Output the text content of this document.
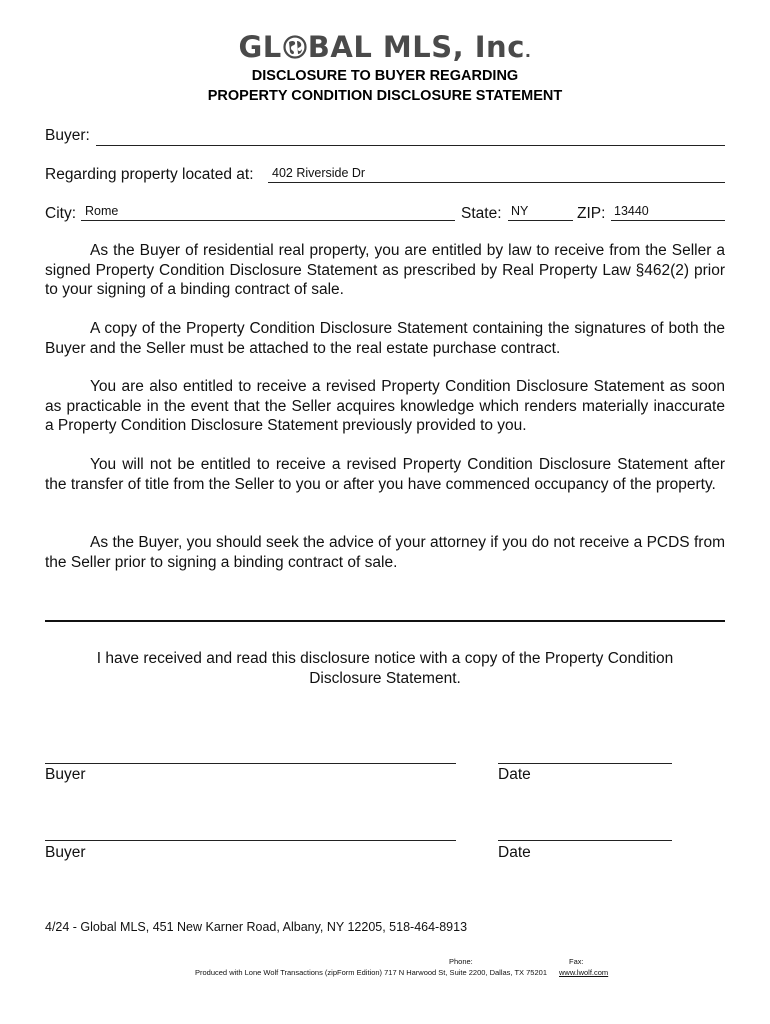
GL BAL MLS, Inc.
DISCLOSURE TO BUYER REGARDING
PROPERTY CONDITION DISCLOSURE STATEMENT
Buyer:
Regarding property located at:	402 Riverside Dr
City: Rome	State: NY	ZIP: 13440
As the Buyer of residential real property, you are entitled by law to receive from the Seller a signed Property Condition Disclosure Statement as prescribed by Real Property Law §462(2) prior to your signing of a binding contract of sale.
A copy of the Property Condition Disclosure Statement containing the signatures of both the Buyer and the Seller must be attached to the real estate purchase contract.
You are also entitled to receive a revised Property Condition Disclosure Statement as soon as practicable in the event that the Seller acquires knowledge which renders materially inaccurate a Property Condition Disclosure Statement previously provided to you.
You will not be entitled to receive a revised Property Condition Disclosure Statement after the transfer of title from the Seller to you or after you have commenced occupancy of the property.
As the Buyer, you should seek the advice of your attorney if you do not receive a PCDS from the Seller prior to signing a binding contract of sale.
I have received and read this disclosure notice with a copy of the Property Condition Disclosure Statement.
Buyer	Date
Buyer	Date
4/24 - Global MLS, 451 New Karner Road, Albany, NY 12205, 518-464-8913
Phone:	Fax:
Produced with Lone Wolf Transactions (zipForm Edition) 717 N Harwood St, Suite 2200, Dallas, TX 75201 www.lwolf.com
